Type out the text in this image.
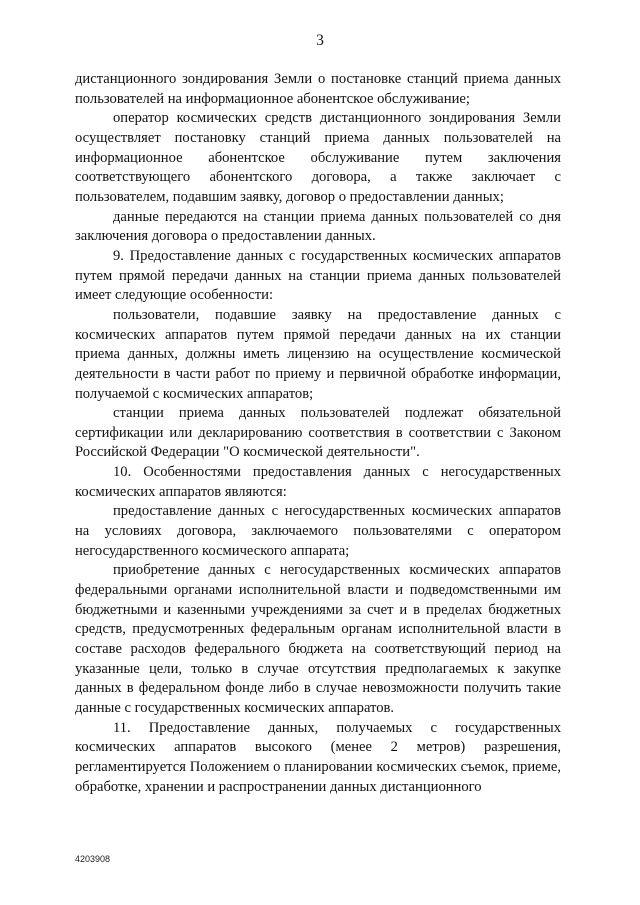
3

дистанционного зондирования Земли о постановке станций приема данных пользователей на информационное абонентское обслуживание;

оператор космических средств дистанционного зондирования Земли осуществляет постановку станций приема данных пользователей на информационное абонентское обслуживание путем заключения соответствующего абонентского договора, а также заключает с пользователем, подавшим заявку, договор о предоставлении данных;

данные передаются на станции приема данных пользователей со дня заключения договора о предоставлении данных.

9. Предоставление данных с государственных космических аппаратов путем прямой передачи данных на станции приема данных пользователей имеет следующие особенности:

пользователи, подавшие заявку на предоставление данных с космических аппаратов путем прямой передачи данных на их станции приема данных, должны иметь лицензию на осуществление космической деятельности в части работ по приему и первичной обработке информации, получаемой с космических аппаратов;

станции приема данных пользователей подлежат обязательной сертификации или декларированию соответствия в соответствии с Законом Российской Федерации "О космической деятельности".

10. Особенностями предоставления данных с негосударственных космических аппаратов являются:

предоставление данных с негосударственных космических аппаратов на условиях договора, заключаемого пользователями с оператором негосударственного космического аппарата;

приобретение данных с негосударственных космических аппаратов федеральными органами исполнительной власти и подведомственными им бюджетными и казенными учреждениями за счет и в пределах бюджетных средств, предусмотренных федеральным органам исполнительной власти в составе расходов федерального бюджета на соответствующий период на указанные цели, только в случае отсутствия предполагаемых к закупке данных в федеральном фонде либо в случае невозможности получить такие данные с государственных космических аппаратов.

11. Предоставление данных, получаемых с государственных космических аппаратов высокого (менее 2 метров) разрешения, регламентируется Положением о планировании космических съемок, приеме, обработке, хранении и распространении данных дистанционного

4203908
